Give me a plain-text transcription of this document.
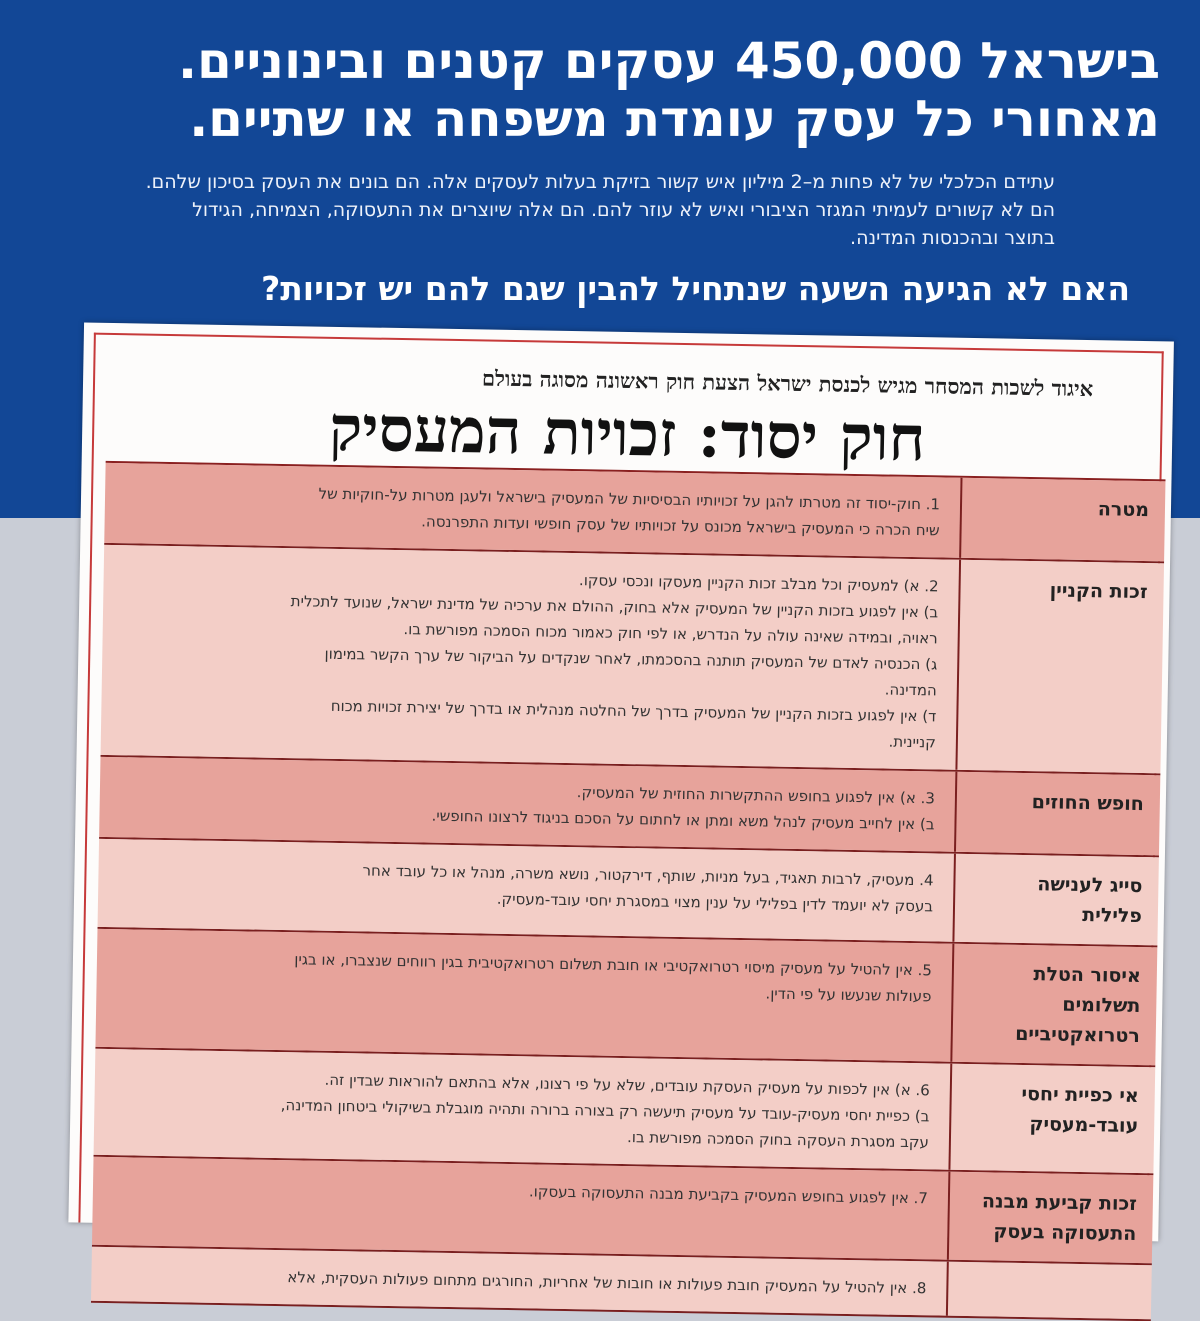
בישראל 450,000 עסקים קטנים ובינוניים.
מאחורי כל עסק עומדת משפחה או שתיים.
עתידם הכלכלי של לא פחות מ–2 מיליון איש קשור בזיקת בעלות לעסקים אלה. הם בונים את העסק בסיכון שלהם. הם לא קשורים לעמיתי המגזר הציבורי ואיש לא עוזר להם. הם אלה שיוצרים את התעסוקה, הצמיחה, הגידול בתוצר ובהכנסות המדינה.
האם לא הגיעה השעה שנתחיל להבין שגם להם יש זכויות?
איגוד לשכות המסחר מגיש לכנסת ישראל הצעת חוק ראשונה מסוגה בעולם
חוק יסוד: זכויות המעסיק
מטרה
1. חוק-יסוד זה מטרתו להגן על זכויותיו הבסיסיות של המעסיק בישראל ולעגן מטרות על-חוקיות של
שיח הכרה כי המעסיק בישראל מכונס על זכויותיו של עסק חופשי ועדות התפרנסה.
זכות הקניין
2. א) למעסיק וכל מבלב זכות הקניין מעסקו ונכסי עסקו.
ב) אין לפגוע בזכות הקניין של המעסיק אלא בחוק, ההולם את ערכיה של מדינת ישראל, שנועד לתכלית
ראויה, ובמידה שאינה עולה על הנדרש, או לפי חוק כאמור מכוח הסמכה מפורשת בו.
ג) הכנסיה לאדם של המעסיק תותנה בהסכמתו, לאחר שנקדים על הביקור של ערך הקשר במימון
המדינה.
ד) אין לפגוע בזכות הקניין של המעסיק בדרך של החלטה מנהלית או בדרך של יצירת זכויות מכוח
קניינית.
חופש החוזים
3. א) אין לפגוע בחופש ההתקשרות החוזית של המעסיק.
ב) אין לחייב מעסיק לנהל משא ומתן או לחתום על הסכם בניגוד לרצונו החופשי.
סייג לענישה פלילית
4. מעסיק, לרבות תאגיד, בעל מניות, שותף, דירקטור, נושא משרה, מנהל או כל עובד אחר
בעסק לא יועמד לדין בפלילי על ענין מצוי במסגרת יחסי עובד-מעסיק.
איסור הטלת תשלומים רטרואקטיביים
5. אין להטיל על מעסיק מיסוי רטרואקטיבי או חובת תשלום רטרואקטיבית בגין רווחים שנצברו, או בגין
פעולות שנעשו על פי הדין.
אי כפיית יחסי עובד-מעסיק
6. א) אין לכפות על מעסיק העסקת עובדים, שלא על פי רצונו, אלא בהתאם להוראות שבדין זה.
ב) כפיית יחסי מעסיק-עובד על מעסיק תיעשה רק בצורה ברורה ותהיה מוגבלת בשיקולי ביטחון המדינה,
עקב מסגרת העסקה בחוק הסמכה מפורשת בו.
זכות קביעת מבנה התעסוקה בעסק
7. אין לפגוע בחופש המעסיק בקביעת מבנה התעסוקה בעסקו.
8. אין להטיל על המעסיק חובת פעולות או חובות של אחריות, החורגים מתחום פעולות העסקית, אלא
